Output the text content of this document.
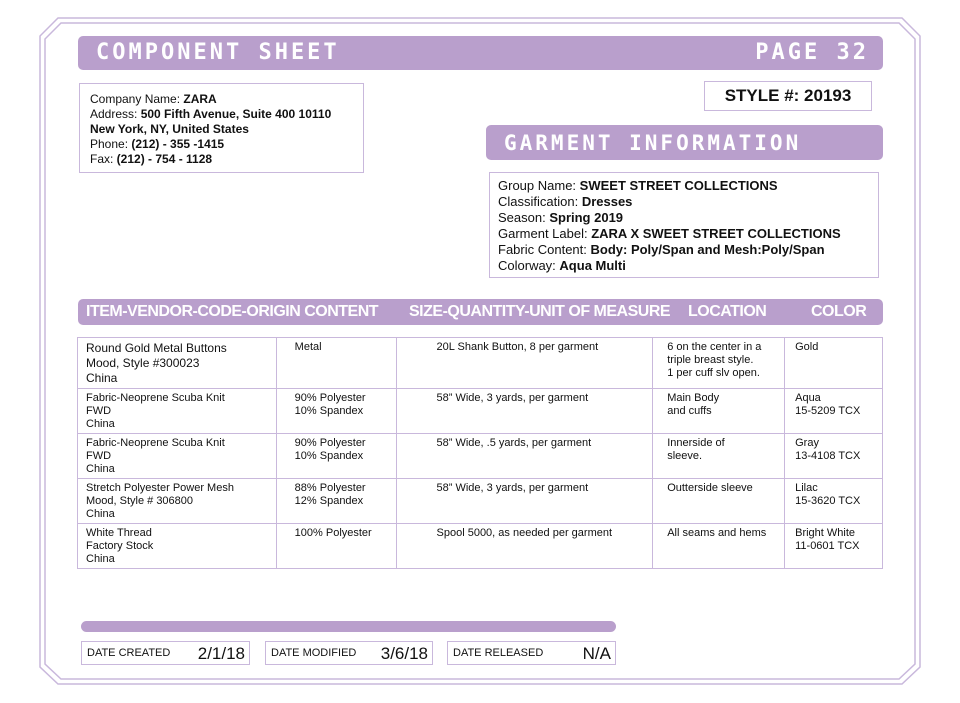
COMPONENT SHEET	PAGE 32
Company Name: ZARA
Address: 500 Fifth Avenue, Suite 400 10110
New York, NY, United States
Phone: (212) - 355 -1415
Fax: (212) - 754 - 1128
STYLE #: 20193
GARMENT INFORMATION
Group Name: SWEET STREET COLLECTIONS
Classification: Dresses
Season: Spring 2019
Garment Label: ZARA X SWEET STREET COLLECTIONS
Fabric Content: Body: Poly/Span and Mesh:Poly/Span
Colorway: Aqua Multi
ITEM-VENDOR-CODE-ORIGIN CONTENT SIZE-QUANTITY-UNIT OF MEASURE LOCATION	COLOR
Round Gold Metal Buttons
Mood, Style #300023
China	Metal	20L Shank Button, 8 per garment	6 on the center in a
triple breast style.
1 per cuff slv open.	Gold

Fabric-Neoprene Scuba Knit
FWD
China	90% Polyester
10% Spandex	58” Wide, 3 yards, per garment	Main Body
and cuffs	Aqua
15-5209 TCX

Fabric-Neoprene Scuba Knit
FWD
China	90% Polyester
10% Spandex	58” Wide, .5 yards, per garment	Innerside of
sleeve.	Gray
13-4108 TCX

Stretch Polyester Power Mesh
Mood, Style # 306800
China	88% Polyester
12% Spandex	58” Wide, 3 yards, per garment	Outterside sleeve	Lilac
15-3620 TCX

White Thread
Factory Stock
China	100% Polyester	Spool 5000, as needed per garment	All seams and hems	Bright White
11-0601 TCX
DATE CREATED 2/1/18 DATE MODIFIED 3/6/18 DATE RELEASED N/A
